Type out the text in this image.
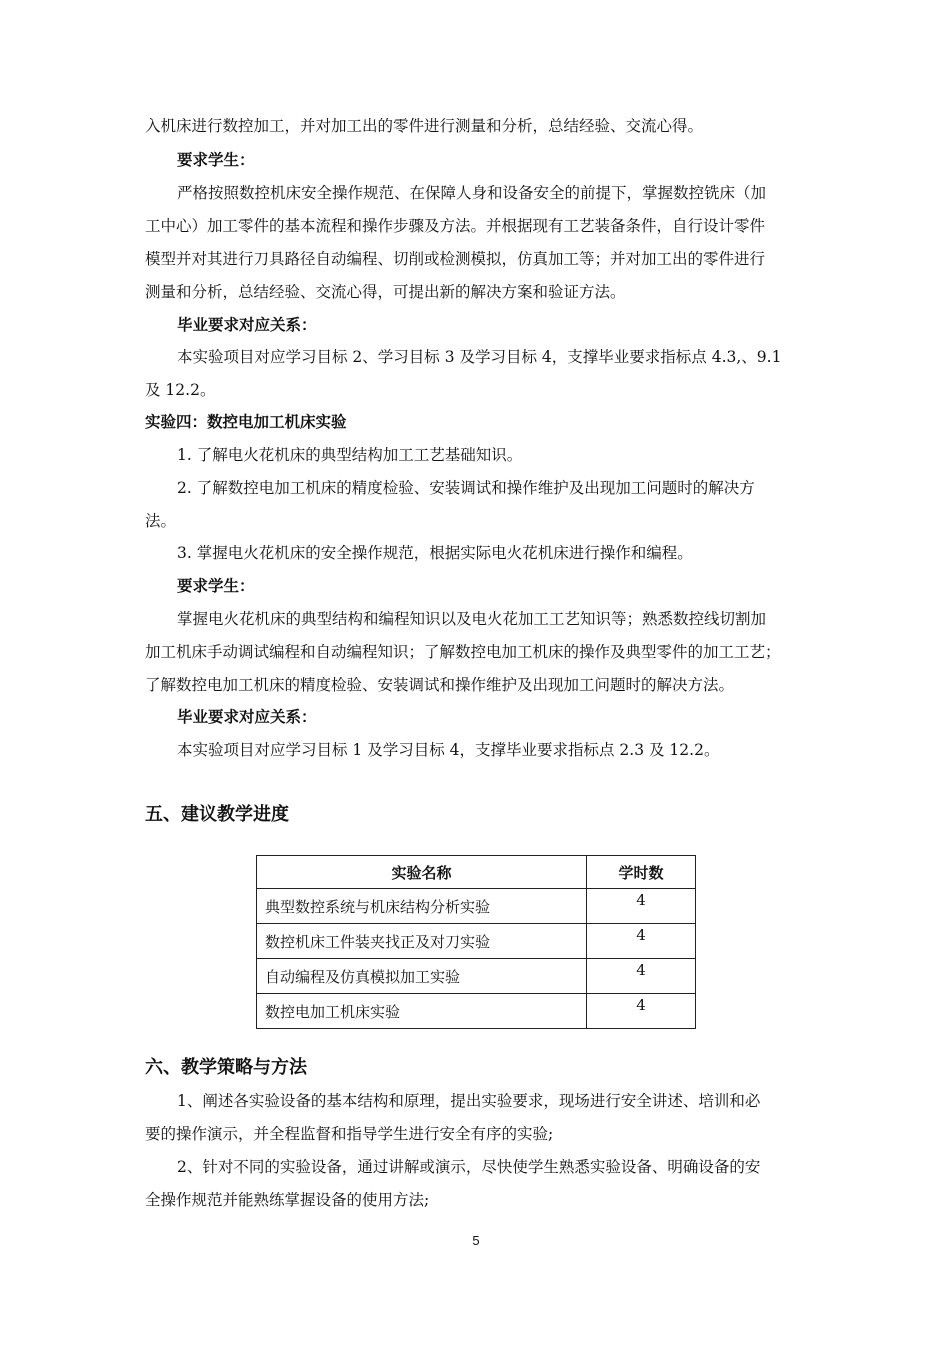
入机床进行数控加工，并对加工出的零件进行测量和分析，总结经验、交流心得。
要求学生：
严格按照数控机床安全操作规范、在保障人身和设备安全的前提下，掌握数控铣床（加
工中心）加工零件的基本流程和操作步骤及方法。并根据现有工艺装备条件，自行设计零件
模型并对其进行刀具路径自动编程、切削或检测模拟，仿真加工等；并对加工出的零件进行
测量和分析，总结经验、交流心得，可提出新的解决方案和验证方法。
毕业要求对应关系：
本实验项目对应学习目标 2、学习目标 3 及学习目标 4，支撑毕业要求指标点 4.3,、9.1
及 12.2。
实验四：数控电加工机床实验
1. 了解电火花机床的典型结构加工工艺基础知识。
2. 了解数控电加工机床的精度检验、安装调试和操作维护及出现加工问题时的解决方
法。
3. 掌握电火花机床的安全操作规范，根据实际电火花机床进行操作和编程。
要求学生：
掌握电火花机床的典型结构和编程知识以及电火花加工工艺知识等；熟悉数控线切割加
加工机床手动调试编程和自动编程知识；了解数控电加工机床的操作及典型零件的加工工艺；
了解数控电加工机床的精度检验、安装调试和操作维护及出现加工问题时的解决方法。
毕业要求对应关系：
本实验项目对应学习目标 1 及学习目标 4，支撑毕业要求指标点 2.3 及 12.2。
五、建议教学进度
实验名称	学时数
典型数控系统与机床结构分析实验	4
数控机床工件装夹找正及对刀实验	4
自动编程及仿真模拟加工实验	4
数控电加工机床实验	4
六、教学策略与方法
1、阐述各实验设备的基本结构和原理，提出实验要求，现场进行安全讲述、培训和必
要的操作演示，并全程监督和指导学生进行安全有序的实验;
2、针对不同的实验设备，通过讲解或演示，尽快使学生熟悉实验设备、明确设备的安
全操作规范并能熟练掌握设备的使用方法;
5
